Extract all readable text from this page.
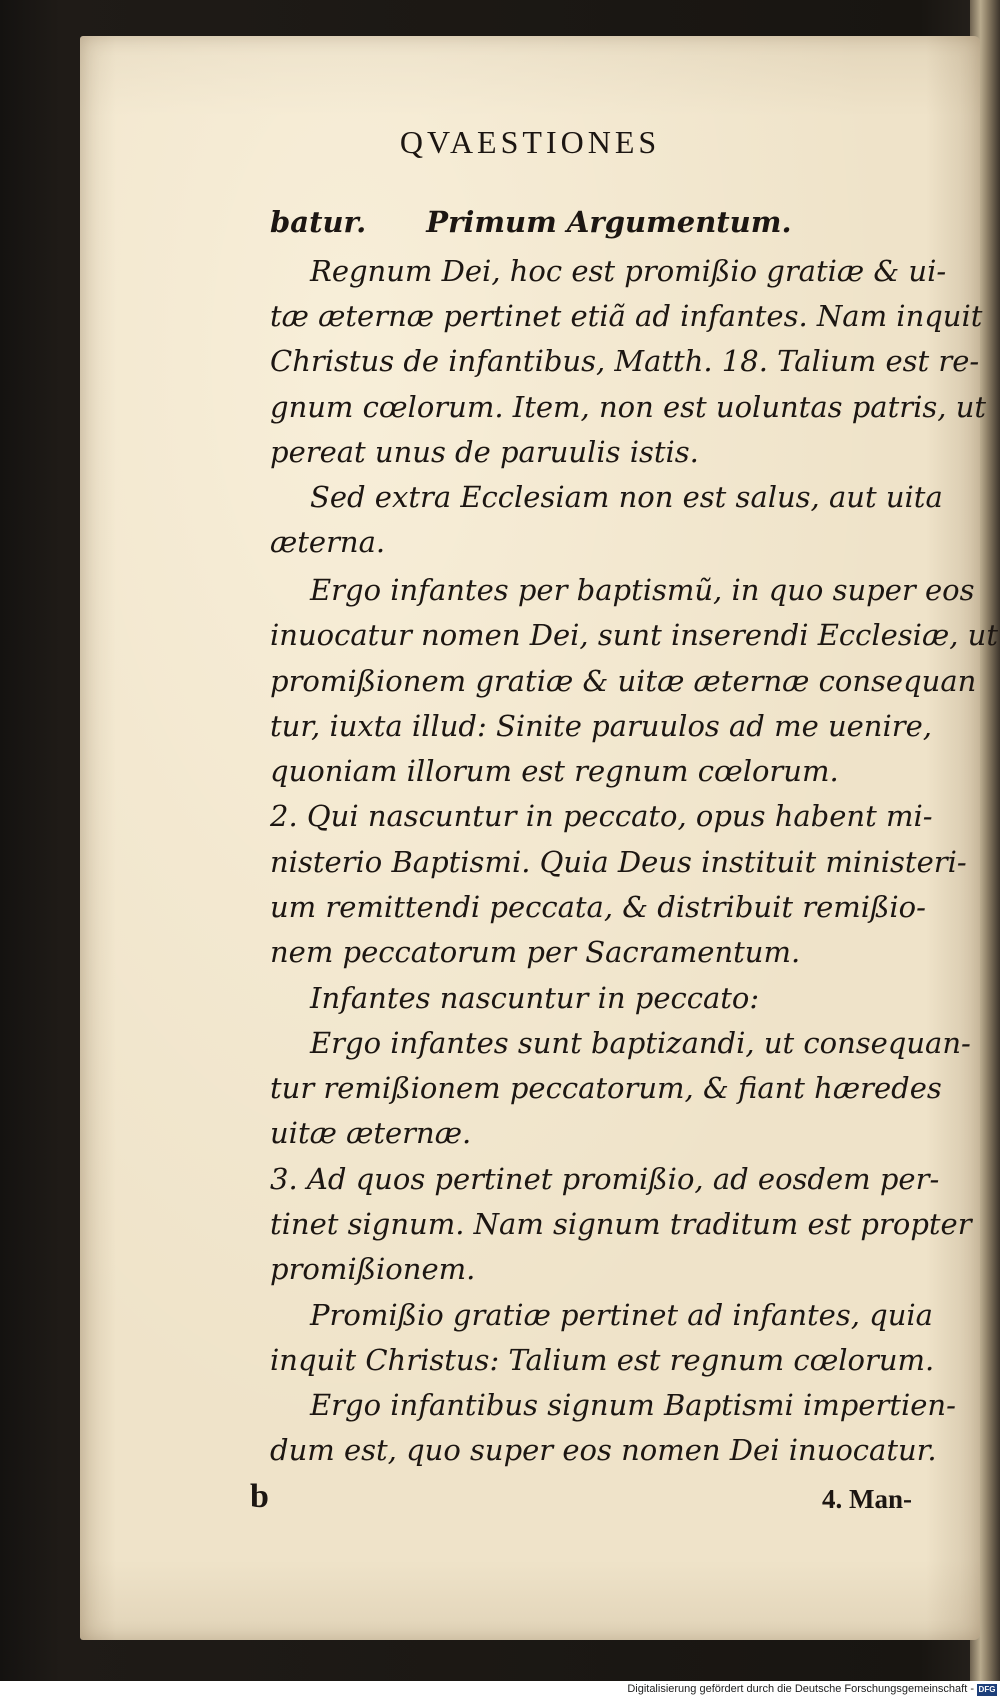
QVAESTIONES

batur. Primum Argumentum.

Regnum Dei, hoc est promißio gratiæ & ui-

tæ æternæ pertinet etiã ad infantes. Nam inquit

Christus de infantibus, Matth. 18. Talium est re-

gnum cœlorum. Item, non est uoluntas patris, ut

pereat unus de paruulis istis.

Sed extra Ecclesiam non est salus, aut uita

æterna.

Ergo infantes per baptismũ, in quo super eos

inuocatur nomen Dei, sunt inserendi Ecclesiæ, ut

promißionem gratiæ & uitæ æternæ consequan

tur, iuxta illud: Sinite paruulos ad me uenire,

quoniam illorum est regnum cœlorum.

2. Qui nascuntur in peccato, opus habent mi-

nisterio Baptismi. Quia Deus instituit ministeri-

um remittendi peccata, & distribuit remißio-

nem peccatorum per Sacramentum.

Infantes nascuntur in peccato:

Ergo infantes sunt baptizandi, ut consequan-

tur remißionem peccatorum, & fiant hæredes

uitæ æternæ.

3. Ad quos pertinet promißio, ad eosdem per-

tinet signum. Nam signum traditum est propter

promißionem.

Promißio gratiæ pertinet ad infantes, quia

inquit Christus: Talium est regnum cœlorum.

Ergo infantibus signum Baptismi impertien-

dum est, quo super eos nomen Dei inuocatur.

b	4. Man-

Digitalisierung gefördert durch die Deutsche Forschungsgemeinschaft - DFG
